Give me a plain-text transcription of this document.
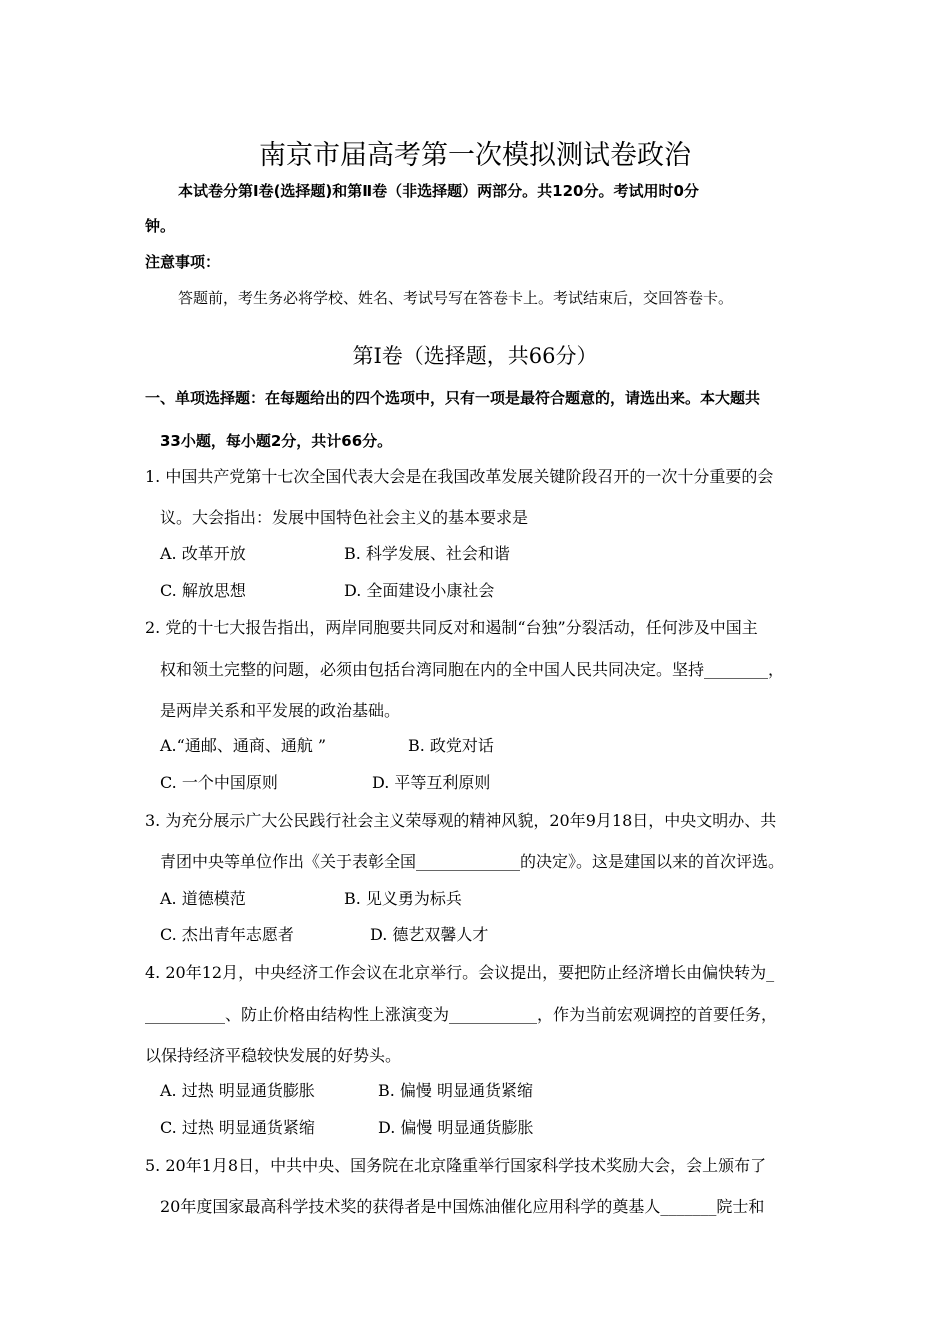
南京市届高考第一次模拟测试卷政治
本试卷分第Ⅰ卷(选择题)和第Ⅱ卷（非选择题）两部分。共120分。考试用时0分
钟。
注意事项：
答题前，考生务必将学校、姓名、考试号写在答卷卡上。考试结束后，交回答卷卡。
第Ⅰ卷（选择题，共66分）
一、单项选择题：在每题给出的四个选项中，只有一项是最符合题意的，请选出来。本大题共
33小题，每小题2分，共计66分。
1. 中国共产党第十七次全国代表大会是在我国改革发展关键阶段召开的一次十分重要的会
议。大会指出：发展中国特色社会主义的基本要求是
A. 改革开放	B. 科学发展、社会和谐
C. 解放思想	D. 全面建设小康社会
2. 党的十七大报告指出，两岸同胞要共同反对和遏制“台独”分裂活动，任何涉及中国主
权和领土完整的问题，必须由包括台湾同胞在内的全中国人民共同决定。坚持________，
是两岸关系和平发展的政治基础。
A.“通邮、通商、通航 ”	B. 政党对话
C. 一个中国原则	D. 平等互利原则
3. 为充分展示广大公民践行社会主义荣辱观的精神风貌，20年9月18日，中央文明办、共
青团中央等单位作出《关于表彰全国_____________的决定》。这是建国以来的首次评选。
A. 道德模范	B. 见义勇为标兵
C. 杰出青年志愿者	D. 德艺双馨人才
4. 20年12月，中央经济工作会议在北京举行。会议提出，要把防止经济增长由偏快转为_
__________、防止价格由结构性上涨演变为___________，作为当前宏观调控的首要任务，
以保持经济平稳较快发展的好势头。
A. 过热 明显通货膨胀	B. 偏慢 明显通货紧缩
C. 过热 明显通货紧缩	D. 偏慢 明显通货膨胀
5. 20年1月8日，中共中央、国务院在北京隆重举行国家科学技术奖励大会，会上颁布了
20年度国家最高科学技术奖的获得者是中国炼油催化应用科学的奠基人_______院士和
